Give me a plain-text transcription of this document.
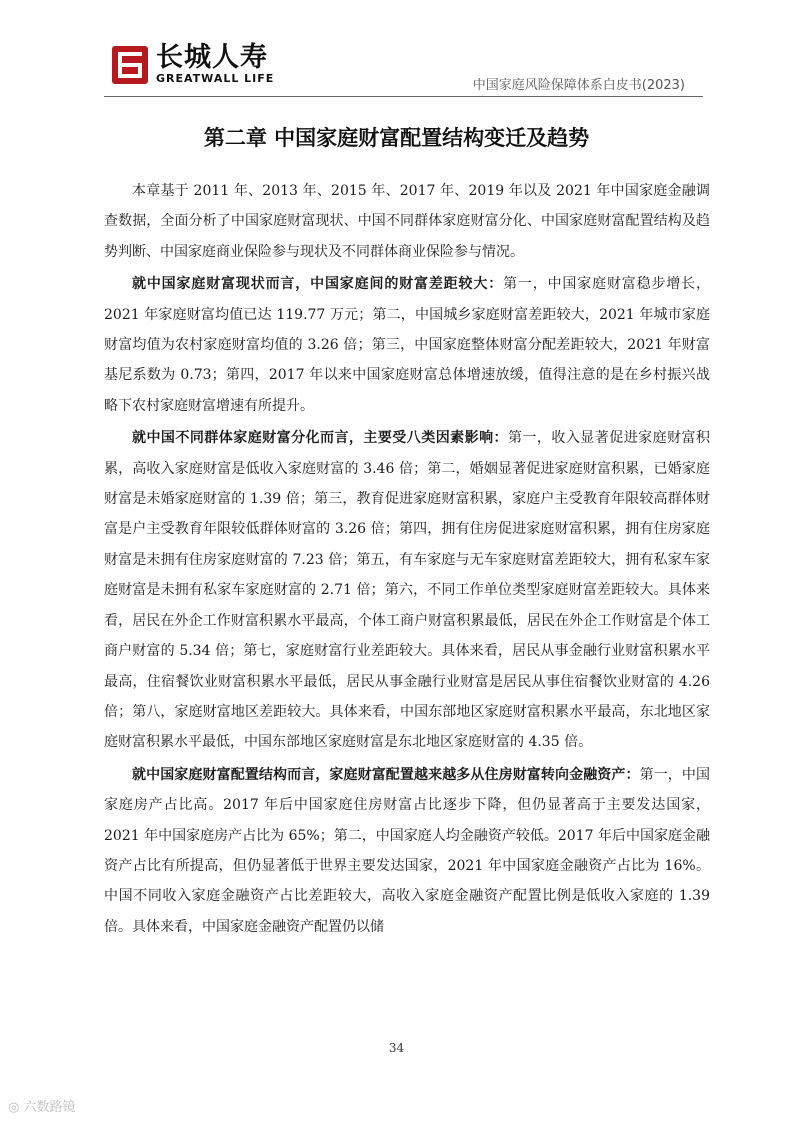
长城人寿
GREATWALL LIFE	中国家庭风险保障体系白皮书(2023)
第二章 中国家庭财富配置结构变迁及趋势

本章基于 2011 年、2013 年、2015 年、2017 年、2019 年以及 2021 年中国家庭金融调查数据，全面分析了中国家庭财富现状、中国不同群体家庭财富分化、中国家庭财富配置结构及趋势判断、中国家庭商业保险参与现状及不同群体商业保险参与情况。

就中国家庭财富现状而言，中国家庭间的财富差距较大：第一，中国家庭财富稳步增长，2021 年家庭财富均值已达 119.77 万元；第二，中国城乡家庭财富差距较大，2021 年城市家庭财富均值为农村家庭财富均值的 3.26 倍；第三，中国家庭整体财富分配差距较大，2021 年财富基尼系数为 0.73；第四，2017 年以来中国家庭财富总体增速放缓，值得注意的是在乡村振兴战略下农村家庭财富增速有所提升。

就中国不同群体家庭财富分化而言，主要受八类因素影响：第一，收入显著促进家庭财富积累，高收入家庭财富是低收入家庭财富的 3.46 倍；第二，婚姻显著促进家庭财富积累，已婚家庭财富是未婚家庭财富的 1.39 倍；第三，教育促进家庭财富积累，家庭户主受教育年限较高群体财富是户主受教育年限较低群体财富的 3.26 倍；第四，拥有住房促进家庭财富积累，拥有住房家庭财富是未拥有住房家庭财富的 7.23 倍；第五，有车家庭与无车家庭财富差距较大，拥有私家车家庭财富是未拥有私家车家庭财富的 2.71 倍；第六，不同工作单位类型家庭财富差距较大。具体来看，居民在外企工作财富积累水平最高，个体工商户财富积累最低，居民在外企工作财富是个体工商户财富的 5.34 倍；第七，家庭财富行业差距较大。具体来看，居民从事金融行业财富积累水平最高，住宿餐饮业财富积累水平最低，居民从事金融行业财富是居民从事住宿餐饮业财富的 4.26 倍；第八，家庭财富地区差距较大。具体来看，中国东部地区家庭财富积累水平最高，东北地区家庭财富积累水平最低，中国东部地区家庭财富是东北地区家庭财富的 4.35 倍。

就中国家庭财富配置结构而言，家庭财富配置越来越多从住房财富转向金融资产：第一，中国家庭房产占比高。2017 年后中国家庭住房财富占比逐步下降，但仍显著高于主要发达国家，2021 年中国家庭房产占比为 65%；第二，中国家庭人均金融资产较低。2017 年后中国家庭金融资产占比有所提高，但仍显著低于世界主要发达国家，2021 年中国家庭金融资产占比为 16%。中国不同收入家庭金融资产占比差距较大，高收入家庭金融资产配置比例是低收入家庭的 1.39 倍。具体来看，中国家庭金融资产配置仍以储

34
◎ 六数路镜
